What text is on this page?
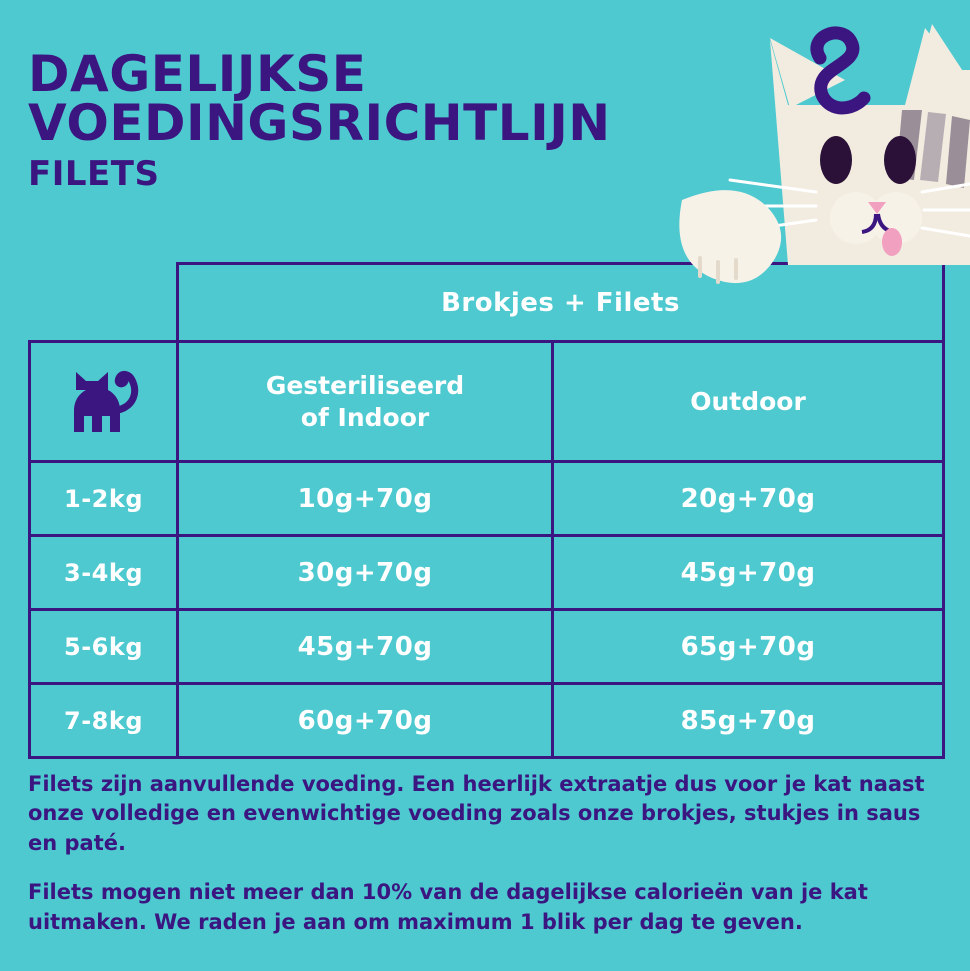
DAGELIJKSE
VOEDINGSRICHTLIJN
FILETS
	Brokjes + Filets	

Gesteriliseerd
of Indoor	Outdoor
1-2kg	10g+70g	20g+70g
3-4kg	30g+70g	45g+70g
5-6kg	45g+70g	65g+70g
7-8kg	60g+70g	85g+70g

Filets zijn aanvullende voeding. Een heerlijk extraatje dus voor je kat naast onze volledige en evenwichtige voeding zoals onze brokjes, stukjes in saus en paté.

Filets mogen niet meer dan 10% van de dagelijkse calorieën van je kat uitmaken. We raden je aan om maximum 1 blik per dag te geven.
